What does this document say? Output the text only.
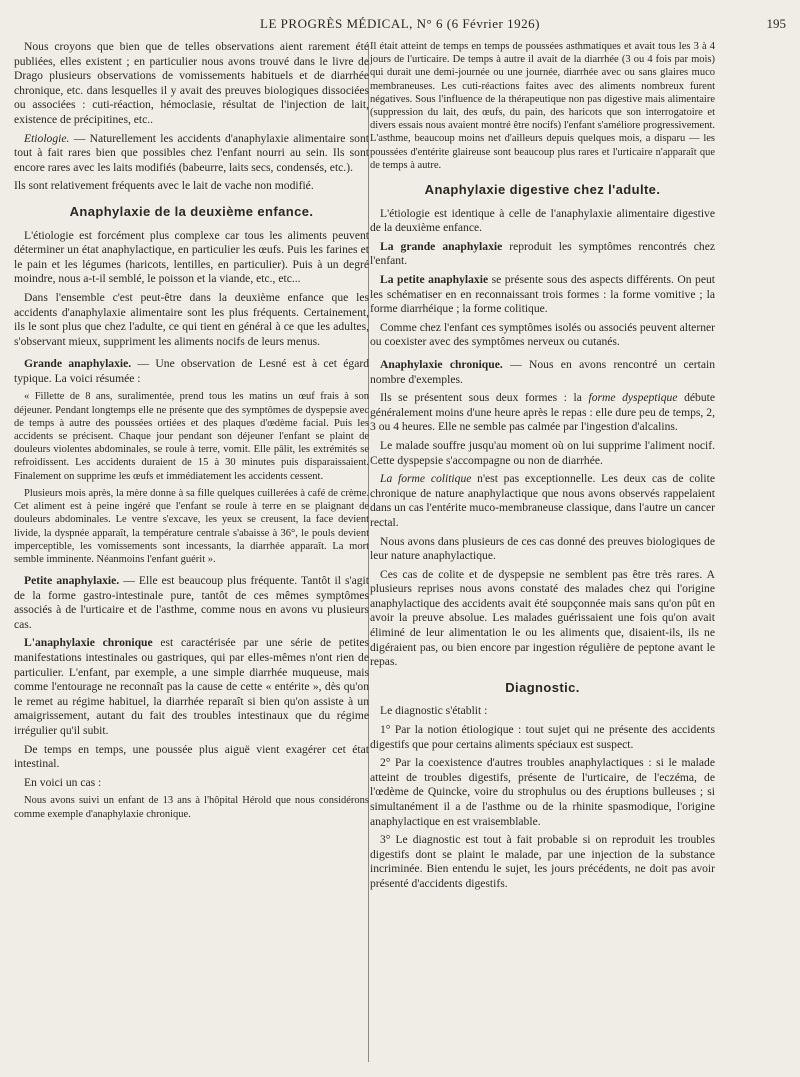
LE PROGRÈS MÉDICAL, N° 6 (6 Février 1926)	195

Nous croyons que bien que de telles observations aient rarement été publiées, elles existent ; en particulier nous avons trouvé dans le livre de Drago plusieurs observations de vomissements habituels et de diarrhée chronique, etc. dans lesquelles il y avait des preuves biologiques dissociées ou associées : cuti-réaction, hémoclasie, résultat de l'injection de lait, existence de précipitines, etc..

Etiologie. — Naturellement les accidents d'anaphylaxie alimentaire sont tout à fait rares bien que possibles chez l'enfant nourri au sein. Ils sont encore rares avec les laits modifiés (babeurre, laits secs, condensés, etc.).

Ils sont relativement fréquents avec le lait de vache non modifié.

Anaphylaxie de la deuxième enfance.

L'étiologie est forcément plus complexe car tous les aliments peuvent déterminer un état anaphylactique, en particulier les œufs. Puis les farines et le pain et les légumes (haricots, lentilles, en particulier). Puis à un degré moindre, nous a-t-il semblé, le poisson et la viande, etc., etc...

Dans l'ensemble c'est peut-être dans la deuxième enfance que les accidents d'anaphylaxie alimentaire sont les plus fréquents. Certainement, ils le sont plus que chez l'adulte, ce qui tient en général à ce que les adultes, s'observant mieux, suppriment les aliments nocifs de leurs menus.

Grande anaphylaxie. — Une observation de Lesné est à cet égard typique. La voici résumée :

« Fillette de 8 ans, suralimentée, prend tous les matins un œuf frais à son déjeuner. Pendant longtemps elle ne présente que des symptômes de dyspepsie avec de temps à autre des poussées ortiées et des plaques d'œdème facial. Puis les accidents se précisent. Chaque jour pendant son déjeuner l'enfant se plaint de douleurs violentes abdominales, se roule à terre, vomit. Elle pâlit, les extrémités se refroidissent. Les accidents duraient de 15 à 30 minutes puis disparaissaient. Finalement on supprime les œufs et immédiatement les accidents cessent.

Plusieurs mois après, la mère donne à sa fille quelques cuillerées à café de crème. Cet aliment est à peine ingéré que l'enfant se roule à terre en se plaignant de douleurs abdominales. Le ventre s'excave, les yeux se creusent, la face devient livide, la dyspnée apparaît, la température centrale s'abaisse à 36°, le pouls devient imperceptible, les vomissements sont incessants, la diarrhée apparaît. La mort semble imminente. Néanmoins l'enfant guérit ».

Petite anaphylaxie. — Elle est beaucoup plus fréquente. Tantôt il s'agit de la forme gastro-intestinale pure, tantôt de ces mêmes symptômes associés à de l'urticaire et de l'asthme, comme nous en avons vu plusieurs cas.

L'anaphylaxie chronique est caractérisée par une série de petites manifestations intestinales ou gastriques, qui par elles-mêmes n'ont rien de particulier. L'enfant, par exemple, a une simple diarrhée muqueuse, mais comme l'entourage ne reconnaît pas la cause de cette « entérite », dès qu'on le remet au régime habituel, la diarrhée reparaît si bien qu'on assiste à un amaigrissement, autant du fait des troubles intestinaux que du régime irrégulier qu'il subit.

De temps en temps, une poussée plus aiguë vient exagérer cet état intestinal.

En voici un cas :

Nous avons suivi un enfant de 13 ans à l'hôpital Hérold que nous considérons comme exemple d'anaphylaxie chronique.

Il était atteint de temps en temps de poussées asthmatiques et avait tous les 3 à 4 jours de l'urticaire. De temps à autre il avait de la diarrhée (3 ou 4 fois par mois) qui durait une demi-journée ou une journée, diarrhée avec ou sans glaires muco membraneuses. Les cuti-réactions faites avec des aliments nombreux furent négatives. Sous l'influence de la thérapeutique non pas digestive mais alimentaire (suppression du lait, des œufs, du pain, des haricots que son interrogatoire et divers essais nous avaient montré être nocifs) l'enfant s'améliore progressivement. L'asthme, beaucoup moins net d'ailleurs depuis quelques mois, a disparu — les poussées d'entérite glaireuse sont beaucoup plus rares et l'urticaire n'apparaît que de temps à autre.

Anaphylaxie digestive chez l'adulte.

L'étiologie est identique à celle de l'anaphylaxie alimentaire digestive de la deuxième enfance.

La grande anaphylaxie reproduit les symptômes rencontrés chez l'enfant.

La petite anaphylaxie se présente sous des aspects différents. On peut les schématiser en en reconnaissant trois formes : la forme vomitive ; la forme diarrhéique ; la forme colitique.

Comme chez l'enfant ces symptômes isolés ou associés peuvent alterner ou coexister avec des symptômes nerveux ou cutanés.

Anaphylaxie chronique. — Nous en avons rencontré un certain nombre d'exemples.

Ils se présentent sous deux formes : la forme dyspeptique débute généralement moins d'une heure après le repas : elle dure peu de temps, 2, 3 ou 4 heures. Elle ne semble pas calmée par l'ingestion d'alcalins.

Le malade souffre jusqu'au moment où on lui supprime l'aliment nocif. Cette dyspepsie s'accompagne ou non de diarrhée.

La forme colitique n'est pas exceptionnelle. Les deux cas de colite chronique de nature anaphylactique que nous avons observés rappelaient dans un cas l'entérite muco-membraneuse classique, dans l'autre un cancer rectal.

Nous avons dans plusieurs de ces cas donné des preuves biologiques de leur nature anaphylactique.

Ces cas de colite et de dyspepsie ne semblent pas être très rares. A plusieurs reprises nous avons constaté des malades chez qui l'origine anaphylactique des accidents avait été soupçonnée mais sans qu'on pût en avoir la preuve absolue. Les malades guérissaient une fois qu'on avait éliminé de leur alimentation le ou les aliments que, disaient-ils, ils ne digéraient pas, ou bien encore par ingestion régulière de peptone avant le repas.

Diagnostic.

Le diagnostic s'établit :

1° Par la notion étiologique : tout sujet qui ne présente des accidents digestifs que pour certains aliments spéciaux est suspect.

2° Par la coexistence d'autres troubles anaphylactiques : si le malade atteint de troubles digestifs, présente de l'urticaire, de l'eczéma, de l'œdème de Quincke, voire du strophulus ou des éruptions bulleuses ; si simultanément il a de l'asthme ou de la rhinite spasmodique, l'origine anaphylactique en est vraisemblable.

3° Le diagnostic est tout à fait probable si on reproduit les troubles digestifs dont se plaint le malade, par une injection de la substance incriminée. Bien entendu le sujet, les jours précédents, ne doit pas avoir présenté d'accidents digestifs.
